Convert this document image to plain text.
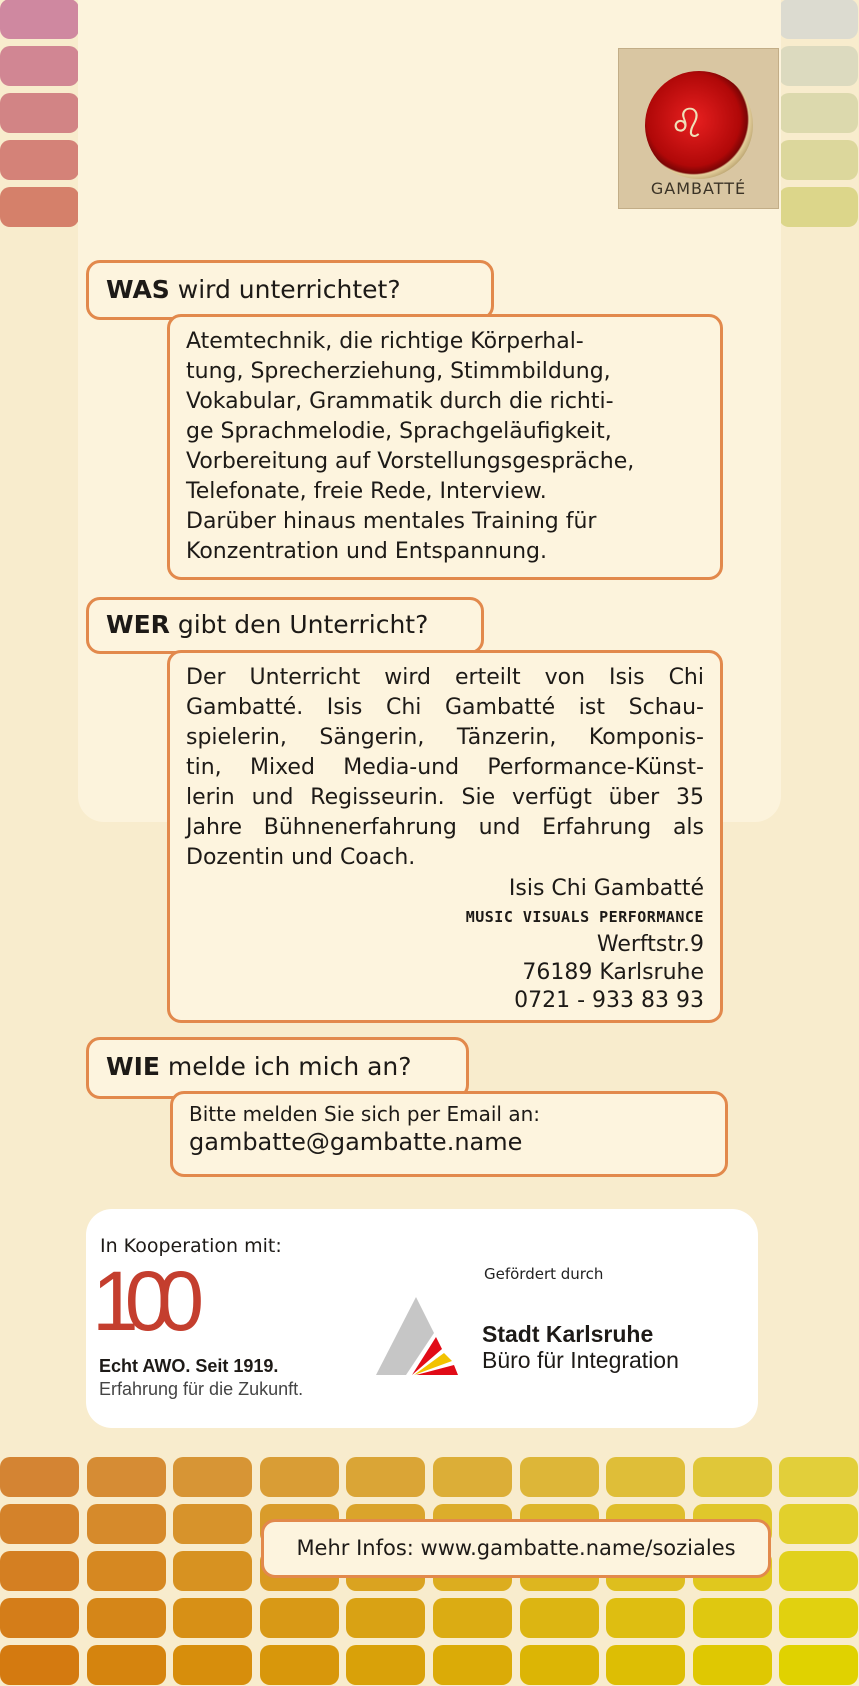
♌
GAMBATTÉ
WAS wird unterrichtet?
Atemtechnik, die richtige Körperhal-
tung, Sprecherziehung, Stimmbildung,
Vokabular, Grammatik durch die richti-
ge Sprachmelodie, Sprachgeläufigkeit,
Vorbereitung auf Vorstellungsgespräche,
Telefonate, freie Rede, Interview.
Darüber hinaus mentales Training für
Konzentration und Entspannung.
WER gibt den Unterricht?
Der Unterricht wird erteilt von Isis Chi
Gambatté. Isis Chi Gambatté ist Schau-
spielerin, Sängerin, Tänzerin, Komponis-
tin, Mixed Media-und Performance-Künst-
lerin und Regisseurin. Sie verfügt über 35
Jahre Bühnenerfahrung und Erfahrung als
Dozentin und Coach.
Isis Chi Gambatté
MUSIC VISUALS PERFORMANCE
Werftstr.9
76189 Karlsruhe
0721 - 933 83 93
WIE melde ich mich an?
Bitte melden Sie sich per Email an:
gambatte@gambatte.name
In Kooperation mit:
100
Echt AWO. Seit 1919.
Erfahrung für die Zukunft.
Gefördert durch
Stadt Karlsruhe
Büro für Integration
Mehr Infos: www.gambatte.name/soziales
